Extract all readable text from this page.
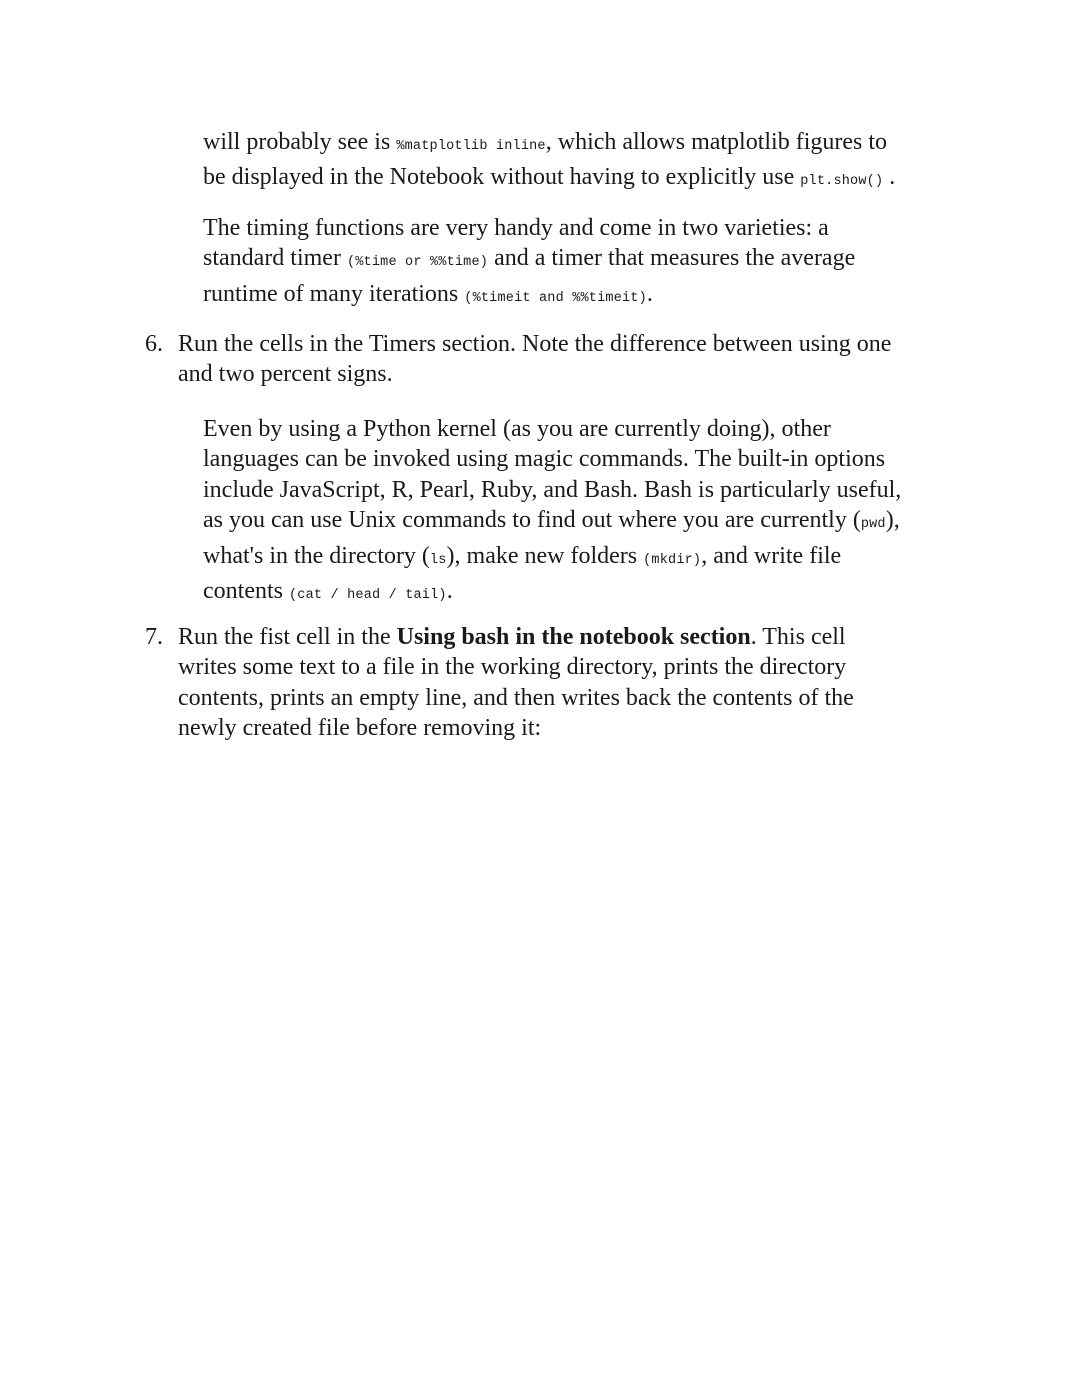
will probably see is %matplotlib inline, which allows matplotlib figures to
be displayed in the Notebook without having to explicitly use plt.show() .

The timing functions are very handy and come in two varieties: a
standard timer (%time or %%time) and a timer that measures the average
runtime of many iterations (%timeit and %%timeit).

6. Run the cells in the Timers section. Note the difference between using one
and two percent signs.

Even by using a Python kernel (as you are currently doing), other
languages can be invoked using magic commands. The built-in options
include JavaScript, R, Pearl, Ruby, and Bash. Bash is particularly useful,
as you can use Unix commands to find out where you are currently (pwd),
what's in the directory (ls), make new folders (mkdir), and write file
contents (cat / head / tail).

7. Run the fist cell in the Using bash in the notebook section. This cell
writes some text to a file in the working directory, prints the directory
contents, prints an empty line, and then writes back the contents of the
newly created file before removing it:
